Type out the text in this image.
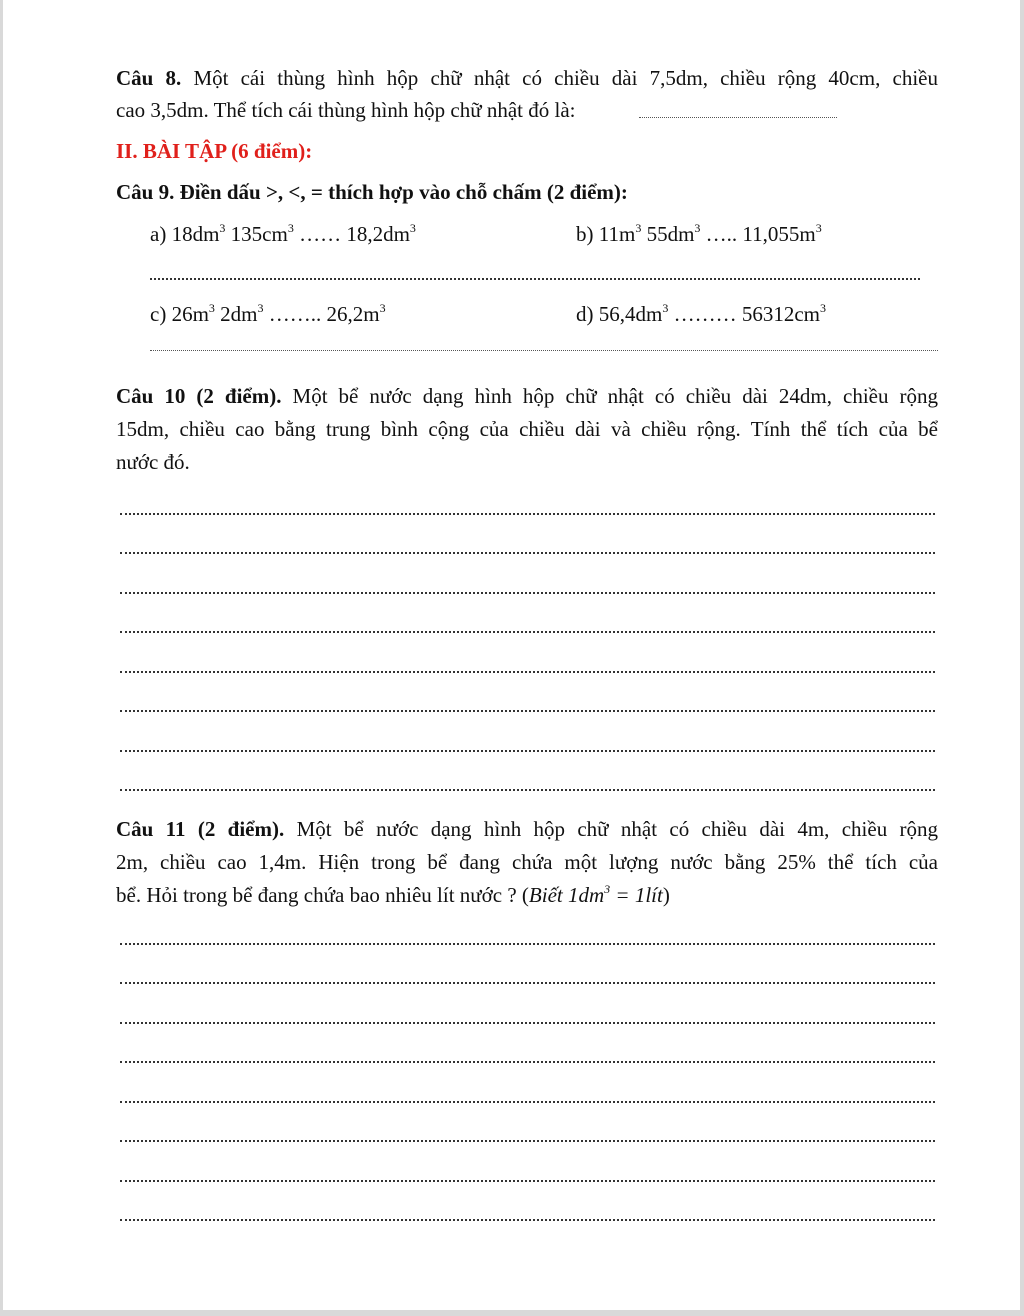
Câu 8. Một cái thùng hình hộp chữ nhật có chiều dài 7,5dm, chiều rộng 40cm, chiều
cao 3,5dm. Thể tích cái thùng hình hộp chữ nhật đó là:
II. BÀI TẬP (6 điểm):
Câu 9. Điền dấu >, <, = thích hợp vào chỗ chấm (2 điểm):
a) $18dm^3$ $135cm^3$ …… $18,2dm^3$	b) $11m^3$ $55dm^3$ ….. $11,055m^3$
c) $26m^3$ $2dm^3$ …….. $26,2m^3$	d) $56,4dm^3$ ……… $56312cm^3$
Câu 10 (2 điểm). Một bể nước dạng hình hộp chữ nhật có chiều dài 24dm, chiều rộng
15dm, chiều cao bằng trung bình cộng của chiều dài và chiều rộng. Tính thể tích của bể
nước đó.
Câu 11 (2 điểm). Một bể nước dạng hình hộp chữ nhật có chiều dài 4m, chiều rộng
2m, chiều cao 1,4m. Hiện trong bể đang chứa một lượng nước bằng 25% thể tích của
bể. Hỏi trong bể đang chứa bao nhiêu lít nước ? (Biết $1dm^3$ = 1lít)
